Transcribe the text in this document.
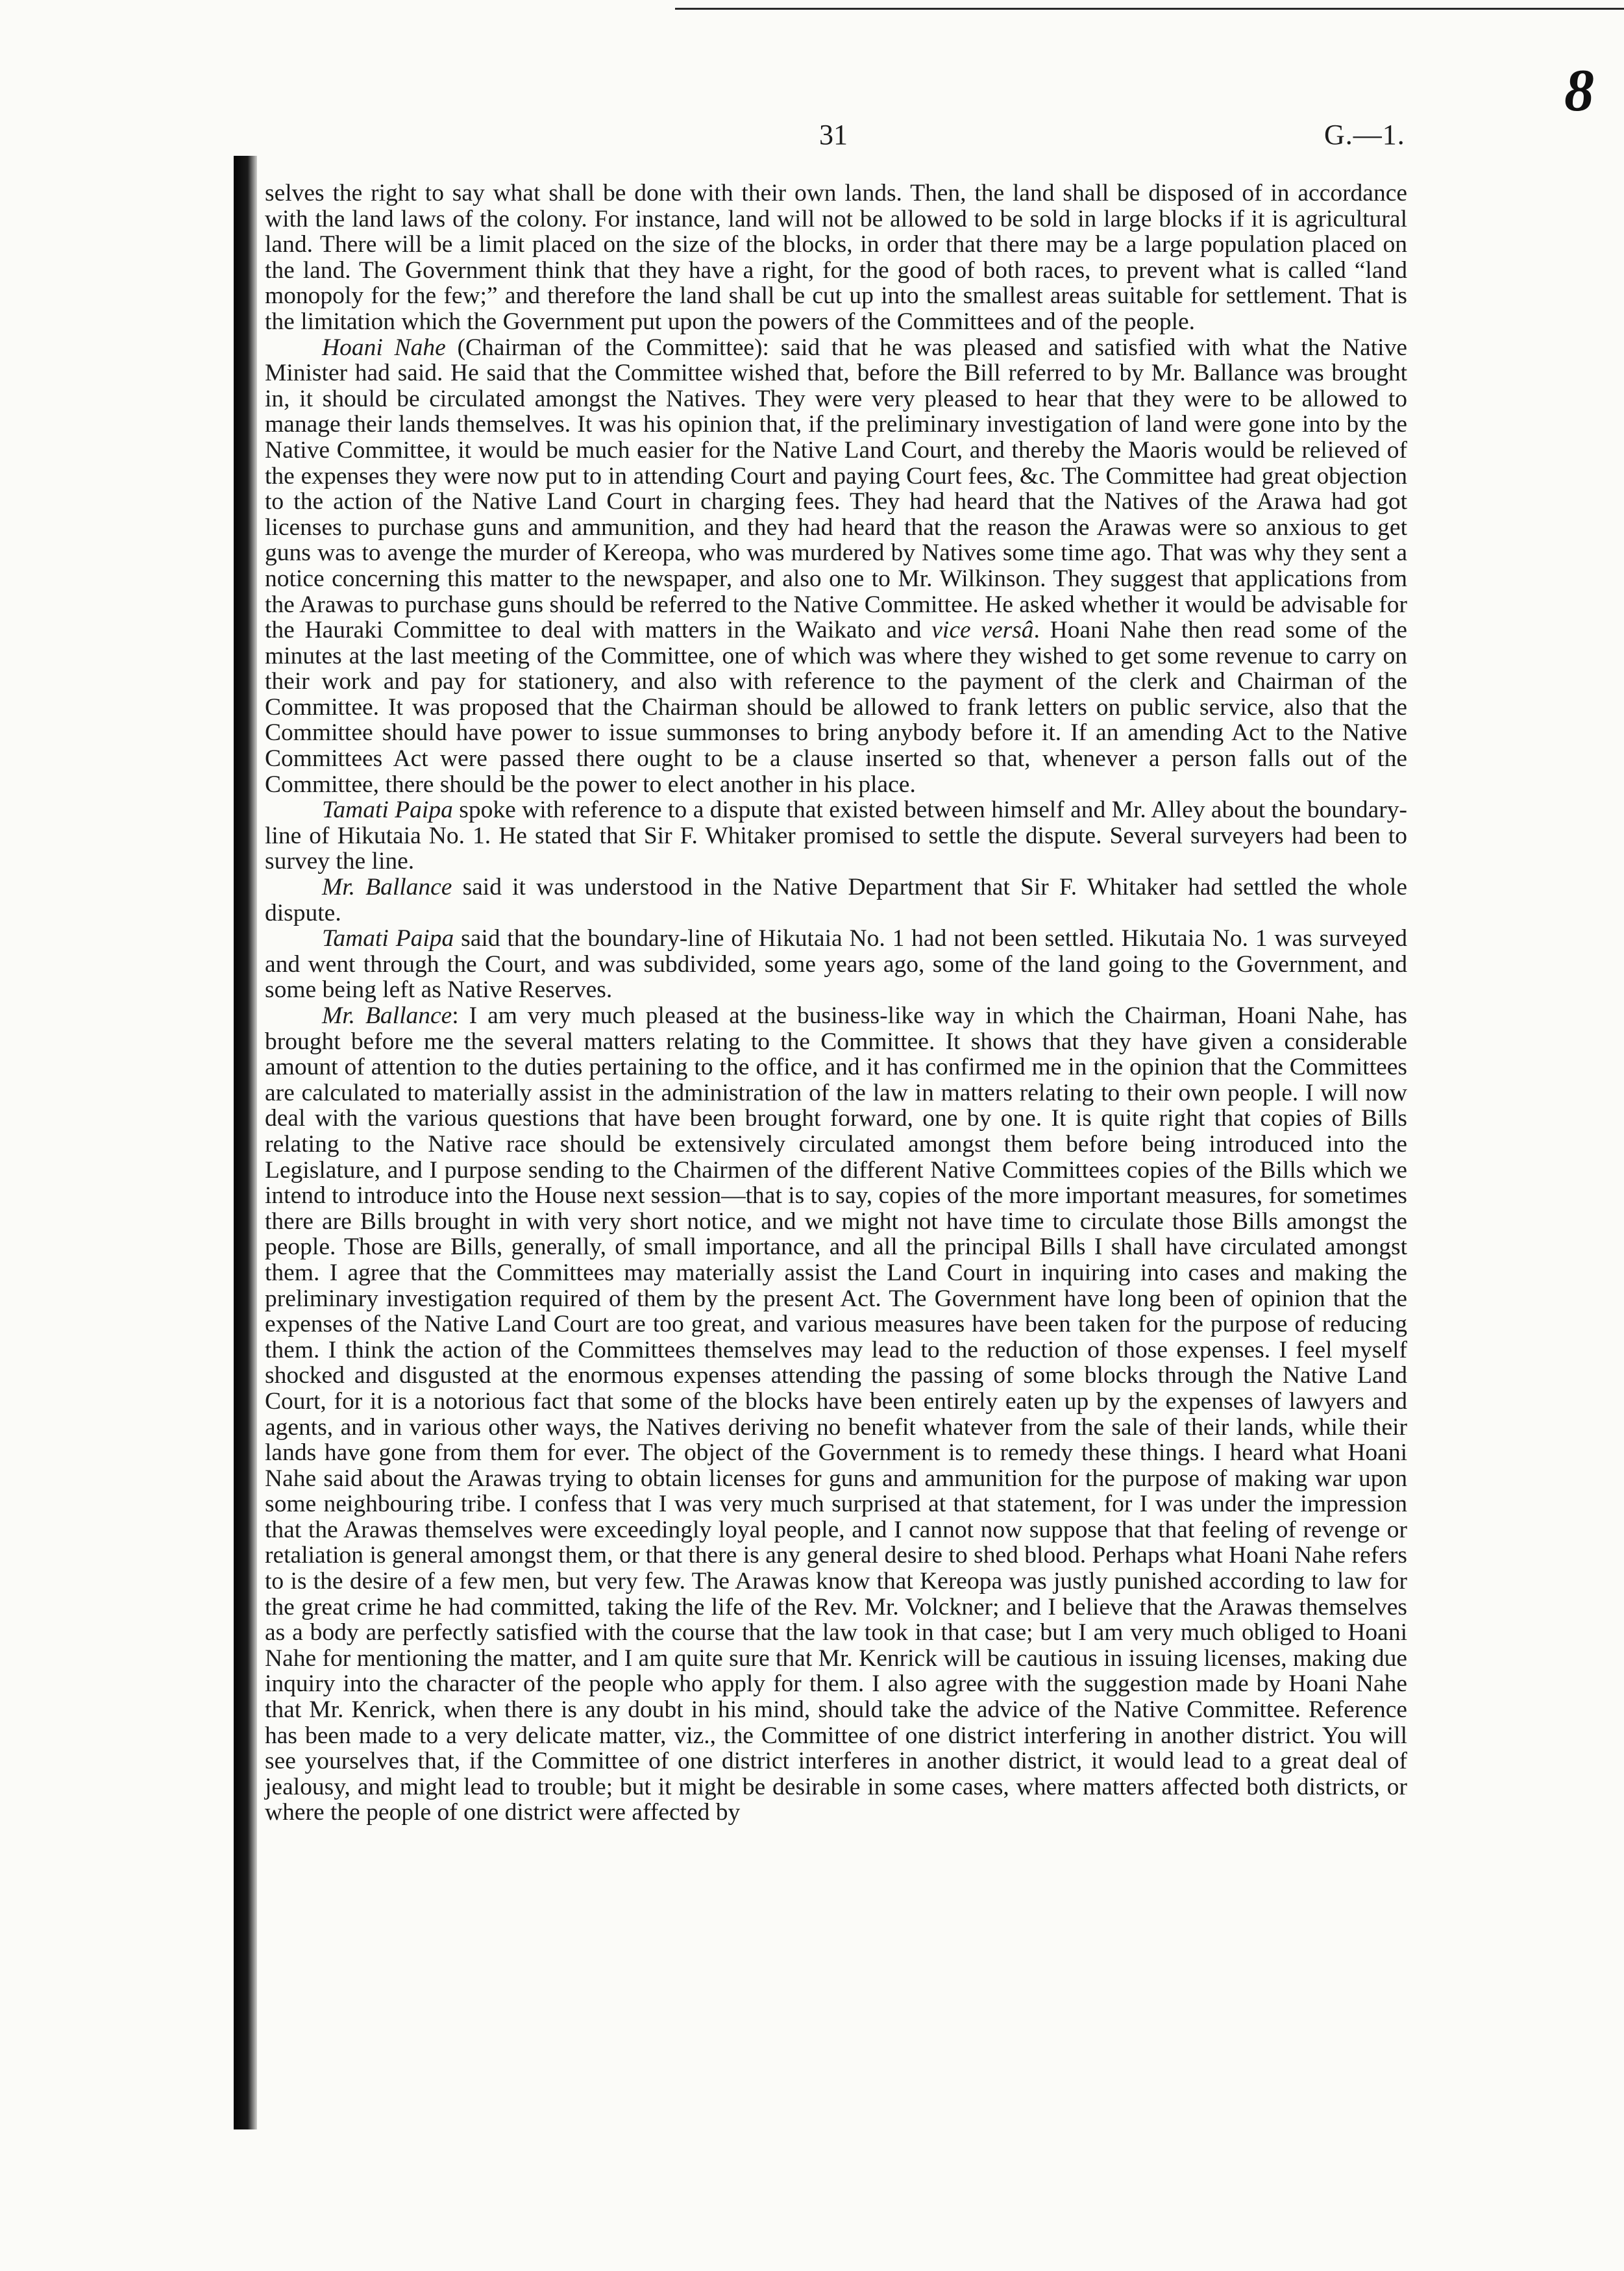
8
31	G.—1.

selves the right to say what shall be done with their own lands. Then, the land shall be disposed of in accordance with the land laws of the colony. For instance, land will not be allowed to be sold in large blocks if it is agricultural land. There will be a limit placed on the size of the blocks, in order that there may be a large population placed on the land. The Government think that they have a right, for the good of both races, to prevent what is called “land monopoly for the few;” and therefore the land shall be cut up into the smallest areas suitable for settlement. That is the limitation which the Government put upon the powers of the Committees and of the people.

Hoani Nahe (Chairman of the Committee): said that he was pleased and satisfied with what the Native Minister had said. He said that the Committee wished that, before the Bill referred to by Mr. Ballance was brought in, it should be circulated amongst the Natives. They were very pleased to hear that they were to be allowed to manage their lands themselves. It was his opinion that, if the preliminary investigation of land were gone into by the Native Committee, it would be much easier for the Native Land Court, and thereby the Maoris would be relieved of the expenses they were now put to in attending Court and paying Court fees, &c. The Committee had great objection to the action of the Native Land Court in charging fees. They had heard that the Natives of the Arawa had got licenses to purchase guns and ammunition, and they had heard that the reason the Arawas were so anxious to get guns was to avenge the murder of Kereopa, who was murdered by Natives some time ago. That was why they sent a notice concerning this matter to the newspaper, and also one to Mr. Wilkinson. They suggest that applications from the Arawas to purchase guns should be referred to the Native Committee. He asked whether it would be advisable for the Hauraki Committee to deal with matters in the Waikato and vice versâ. Hoani Nahe then read some of the minutes at the last meeting of the Committee, one of which was where they wished to get some revenue to carry on their work and pay for stationery, and also with reference to the payment of the clerk and Chairman of the Committee. It was proposed that the Chairman should be allowed to frank letters on public service, also that the Committee should have power to issue summonses to bring anybody before it. If an amending Act to the Native Committees Act were passed there ought to be a clause inserted so that, whenever a person falls out of the Committee, there should be the power to elect another in his place.

Tamati Paipa spoke with reference to a dispute that existed between himself and Mr. Alley about the boundary-line of Hikutaia No. 1. He stated that Sir F. Whitaker promised to settle the dispute. Several surveyers had been to survey the line.

Mr. Ballance said it was understood in the Native Department that Sir F. Whitaker had settled the whole dispute.

Tamati Paipa said that the boundary-line of Hikutaia No. 1 had not been settled. Hikutaia No. 1 was surveyed and went through the Court, and was subdivided, some years ago, some of the land going to the Government, and some being left as Native Reserves.

Mr. Ballance: I am very much pleased at the business-like way in which the Chairman, Hoani Nahe, has brought before me the several matters relating to the Committee. It shows that they have given a considerable amount of attention to the duties pertaining to the office, and it has confirmed me in the opinion that the Committees are calculated to materially assist in the administration of the law in matters relating to their own people. I will now deal with the various questions that have been brought forward, one by one. It is quite right that copies of Bills relating to the Native race should be extensively circulated amongst them before being introduced into the Legislature, and I purpose sending to the Chairmen of the different Native Committees copies of the Bills which we intend to introduce into the House next session—that is to say, copies of the more important measures, for sometimes there are Bills brought in with very short notice, and we might not have time to circulate those Bills amongst the people. Those are Bills, generally, of small importance, and all the principal Bills I shall have circulated amongst them. I agree that the Committees may materially assist the Land Court in inquiring into cases and making the preliminary investigation required of them by the present Act. The Government have long been of opinion that the expenses of the Native Land Court are too great, and various measures have been taken for the purpose of reducing them. I think the action of the Committees themselves may lead to the reduction of those expenses. I feel myself shocked and disgusted at the enormous expenses attending the passing of some blocks through the Native Land Court, for it is a notorious fact that some of the blocks have been entirely eaten up by the expenses of lawyers and agents, and in various other ways, the Natives deriving no benefit whatever from the sale of their lands, while their lands have gone from them for ever. The object of the Government is to remedy these things. I heard what Hoani Nahe said about the Arawas trying to obtain licenses for guns and ammunition for the purpose of making war upon some neighbouring tribe. I confess that I was very much surprised at that statement, for I was under the impression that the Arawas themselves were exceedingly loyal people, and I cannot now suppose that that feeling of revenge or retaliation is general amongst them, or that there is any general desire to shed blood. Perhaps what Hoani Nahe refers to is the desire of a few men, but very few. The Arawas know that Kereopa was justly punished according to law for the great crime he had committed, taking the life of the Rev. Mr. Volckner; and I believe that the Arawas themselves as a body are perfectly satisfied with the course that the law took in that case; but I am very much obliged to Hoani Nahe for mentioning the matter, and I am quite sure that Mr. Kenrick will be cautious in issuing licenses, making due inquiry into the character of the people who apply for them. I also agree with the suggestion made by Hoani Nahe that Mr. Kenrick, when there is any doubt in his mind, should take the advice of the Native Committee. Reference has been made to a very delicate matter, viz., the Committee of one district interfering in another district. You will see yourselves that, if the Committee of one district interferes in another district, it would lead to a great deal of jealousy, and might lead to trouble; but it might be desirable in some cases, where matters affected both districts, or where the people of one district were affected by
